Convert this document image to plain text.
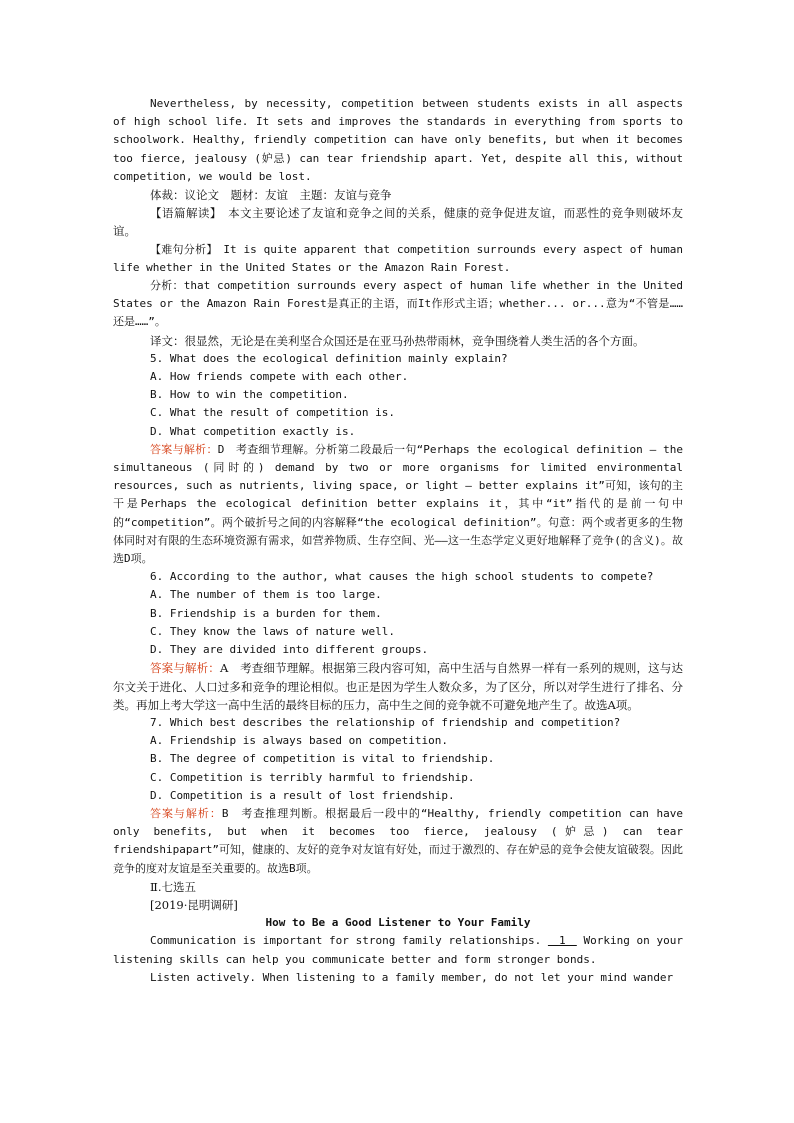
Nevertheless, by necessity, competition between students exists in all aspects of high school life. It sets and improves the standards in everything from sports to schoolwork. Healthy, friendly competition can have only benefits, but when it becomes too fierce, jealousy (妒忌) can tear friendship apart. Yet, despite all this, without competition, we would be lost.

体裁：议论文　题材：友谊　主题：友谊与竞争

【语篇解读】　本文主要论述了友谊和竞争之间的关系，健康的竞争促进友谊，而恶性的竞争则破坏友谊。

【难句分析】　It is quite apparent that competition surrounds every aspect of human life whether in the United States or the Amazon Rain Forest.

分析：that competition surrounds every aspect of human life whether in the United States or the Amazon Rain Forest是真正的主语，而It作形式主语；whether... or...意为“不管是……还是……”。

译文：很显然，无论是在美利坚合众国还是在亚马孙热带雨林，竞争围绕着人类生活的各个方面。

5. What does the ecological definition mainly explain?

A. How friends compete with each other.

B. How to win the competition.

C. What the result of competition is.

D. What competition exactly is.

答案与解析：D　考查细节理解。分析第二段最后一句“Perhaps the ecological definition — the simultaneous (同时的) demand by two or more organisms for limited environmental resources, such as nutrients, living space, or light — better explains it”可知，该句的主干是Perhaps the ecological definition better explains it，其中“it”指代的是前一句中的“competition”。两个破折号之间的内容解释“the ecological definition”。句意：两个或者更多的生物体同时对有限的生态环境资源有需求，如营养物质、生存空间、光——这一生态学定义更好地解释了竞争(的含义)。故选D项。

6. According to the author, what causes the high school students to compete?

A. The number of them is too large.

B. Friendship is a burden for them.

C. They know the laws of nature well.

D. They are divided into different groups.

答案与解析：A　考查细节理解。根据第三段内容可知，高中生活与自然界一样有一系列的规则，这与达尔文关于进化、人口过多和竞争的理论相似。也正是因为学生人数众多，为了区分，所以对学生进行了排名、分类。再加上考大学这一高中生活的最终目标的压力，高中生之间的竞争就不可避免地产生了。故选A项。

7. Which best describes the relationship of friendship and competition?

A. Friendship is always based on competition.

B. The degree of competition is vital to friendship.

C. Competition is terribly harmful to friendship.

D. Competition is a result of lost friendship.

答案与解析：B　考查推理判断。根据最后一段中的“Healthy, friendly competition can have only benefits, but when it becomes too fierce, jealousy (妒忌) can tear friendshipapart”可知，健康的、友好的竞争对友谊有好处，而过于激烈的、存在妒忌的竞争会使友谊破裂。因此竞争的度对友谊是至关重要的。故选B项。

Ⅱ.七选五

[2019·昆明调研]

How to Be a Good Listener to Your Family

Communication is important for strong family relationships. 　1　 Working on your listening skills can help you communicate better and form stronger bonds.

Listen actively. When listening to a family member, do not let your mind wander
